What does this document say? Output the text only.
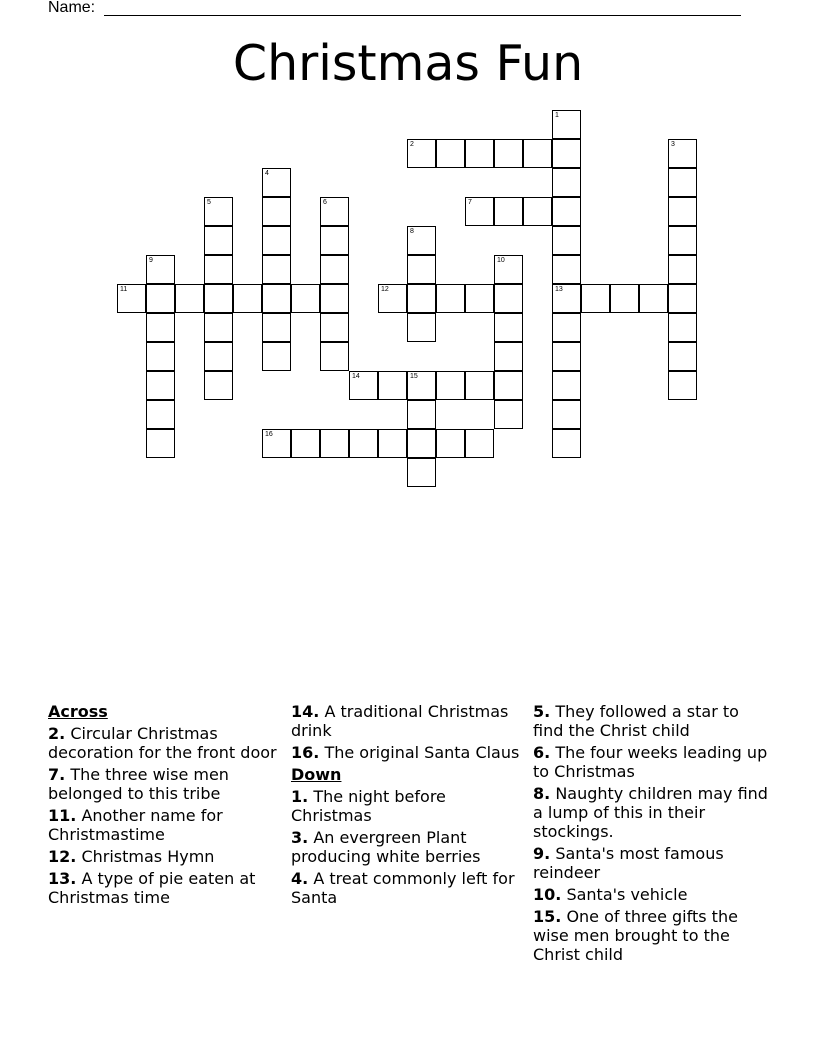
Name:
Christmas Fun
1
13
2	3
4
5	6	7
8
9	10
11	12
14	15
16
Across
2. Circular Christmas decoration for the front door
7. The three wise men belonged to this tribe
11. Another name for Christmastime
12. Christmas Hymn
13. A type of pie eaten at Christmas time
14. A traditional Christmas drink
16. The original Santa Claus
Down
1. The night before Christmas
3. An evergreen Plant producing white berries
4. A treat commonly left for Santa
5. They followed a star to find the Christ child
6. The four weeks leading up to Christmas
8. Naughty children may find a lump of this in their stockings.
9. Santa's most famous reindeer
10. Santa's vehicle
15. One of three gifts the wise men brought to the Christ child
